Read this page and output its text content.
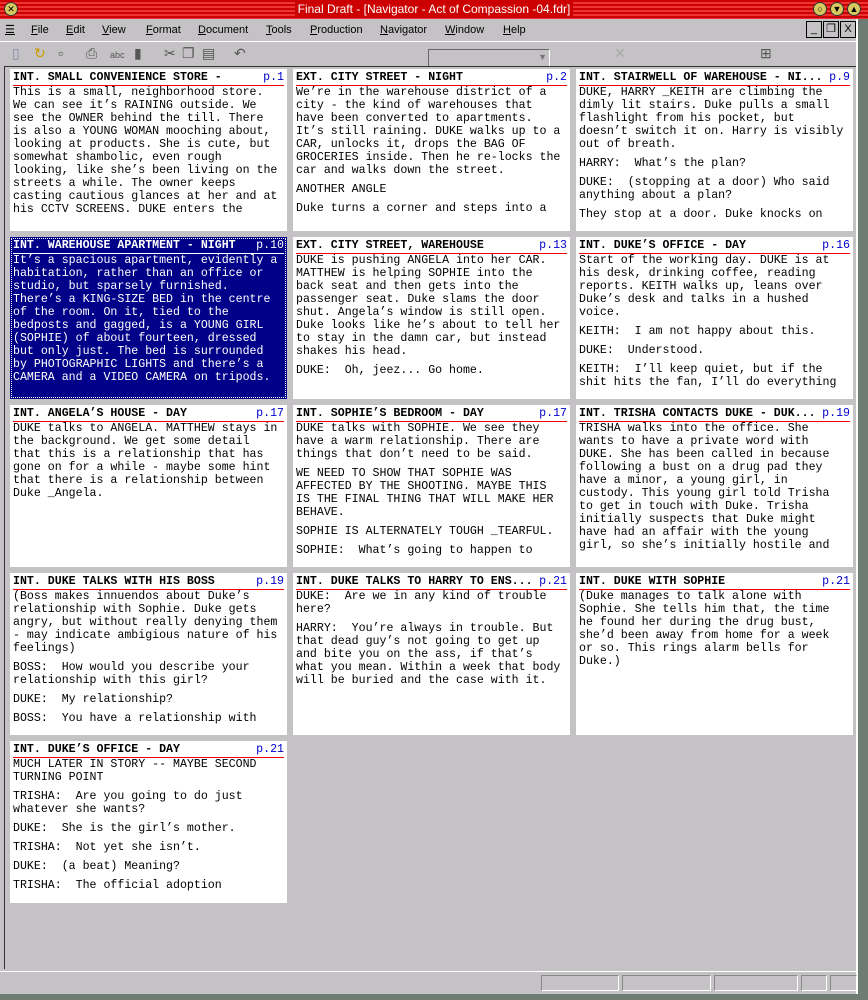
✕	Final Draft - [Navigator - Act of Compassion -04.fdr]	○	▼ ▲
☰ File Edit View Format Document Tools Production Navigator Window Help	_ ❐ X
▯ ↻ ▫ ⎙ abc ▮ ✂ ❐ ▤ ↶	✕	⊞
▼
INT. SMALL CONVENIENCE STORE -	p.1

This is a small, neighborhood store. We can see it’s RAINING outside. We see the OWNER behind the till. There is also a YOUNG WOMAN mooching about, looking at products. She is cute, but somewhat shambolic, even rough looking, like she’s been living on the streets a while. The owner keeps casting cautious glances at her and at his CCTV SCREENS. DUKE enters the

EXT. CITY STREET - NIGHT	p.2

We’re in the warehouse district of a city - the kind of warehouses that have been converted to apartments. It’s still raining. DUKE walks up to a CAR, unlocks it, drops the BAG OF GROCERIES inside. Then he re-locks the car and walks down the street.

ANOTHER ANGLE

Duke turns a corner and steps into a

INT. STAIRWELL OF WAREHOUSE - NI... p.9

DUKE, HARRY _KEITH are climbing the dimly lit stairs. Duke pulls a small flashlight from his pocket, but doesn’t switch it on. Harry is visibly out of breath.

HARRY:  What’s the plan?

DUKE:  (stopping at a door) Who said anything about a plan?

They stop at a door. Duke knocks on

INT. WAREHOUSE APARTMENT - NIGHT p.10

It’s a spacious apartment, evidently a habitation, rather than an office or studio, but sparsely furnished. There’s a KING-SIZE BED in the centre of the room. On it, tied to the bedposts and gagged, is a YOUNG GIRL (SOPHIE) of about fourteen, dressed but only just. The bed is surrounded by PHOTOGRAPHIC LIGHTS and there’s a CAMERA and a VIDEO CAMERA on tripods.

EXT. CITY STREET, WAREHOUSE	p.13

DUKE is pushing ANGELA into her CAR. MATTHEW is helping SOPHIE into the back seat and then gets into the passenger seat. Duke slams the door shut. Angela’s window is still open. Duke looks like he’s about to tell her to stay in the damn car, but instead shakes his head.

DUKE:  Oh, jeez... Go home.

INT. DUKE’S OFFICE - DAY	p.16

Start of the working day. DUKE is at his desk, drinking coffee, reading reports. KEITH walks up, leans over Duke’s desk and talks in a hushed voice.

KEITH:  I am not happy about this.

DUKE:  Understood.

KEITH:  I’ll keep quiet, but if the shit hits the fan, I’ll do everything

INT. ANGELA’S HOUSE - DAY	p.17

DUKE talks to ANGELA. MATTHEW stays in the background. We get some detail that this is a relationship that has gone on for a while - maybe some hint that there is a relationship between Duke _Angela.

INT. SOPHIE’S BEDROOM - DAY	p.17

DUKE talks with SOPHIE. We see they have a warm relationship. There are things that don’t need to be said.

WE NEED TO SHOW THAT SOPHIE WAS AFFECTED BY THE SHOOTING. MAYBE THIS IS THE FINAL THING THAT WILL MAKE HER BEHAVE.

SOPHIE IS ALTERNATELY TOUGH _TEARFUL.

SOPHIE:  What’s going to happen to

INT. TRISHA CONTACTS DUKE - DUK... p.19

TRISHA walks into the office. She wants to have a private word with DUKE. She has been called in because following a bust on a drug pad they have a minor, a young girl, in custody. This young girl told Trisha to get in touch with Duke. Trisha initially suspects that Duke might have had an affair with the young girl, so she’s initially hostile and

INT. DUKE TALKS WITH HIS BOSS	p.19

(Boss makes innuendos about Duke’s relationship with Sophie. Duke gets angry, but without really denying them - may indicate ambigious nature of his feelings)

BOSS:  How would you describe your relationship with this girl?

DUKE:  My relationship?

BOSS:  You have a relationship with

INT. DUKE TALKS TO HARRY TO ENS... p.21

DUKE:  Are we in any kind of trouble here?

HARRY:  You’re always in trouble. But that dead guy’s not going to get up and bite you on the ass, if that’s what you mean. Within a week that body will be buried and the case with it.

INT. DUKE WITH SOPHIE	p.21

(Duke manages to talk alone with Sophie. She tells him that, the time he found her during the drug bust, she’d been away from home for a week or so. This rings alarm bells for Duke.)

INT. DUKE’S OFFICE - DAY	p.21

MUCH LATER IN STORY -- MAYBE SECOND TURNING POINT

TRISHA:  Are you going to do just whatever she wants?

DUKE:  She is the girl’s mother.

TRISHA:  Not yet she isn’t.

DUKE:  (a beat) Meaning?

TRISHA:  The official adoption
